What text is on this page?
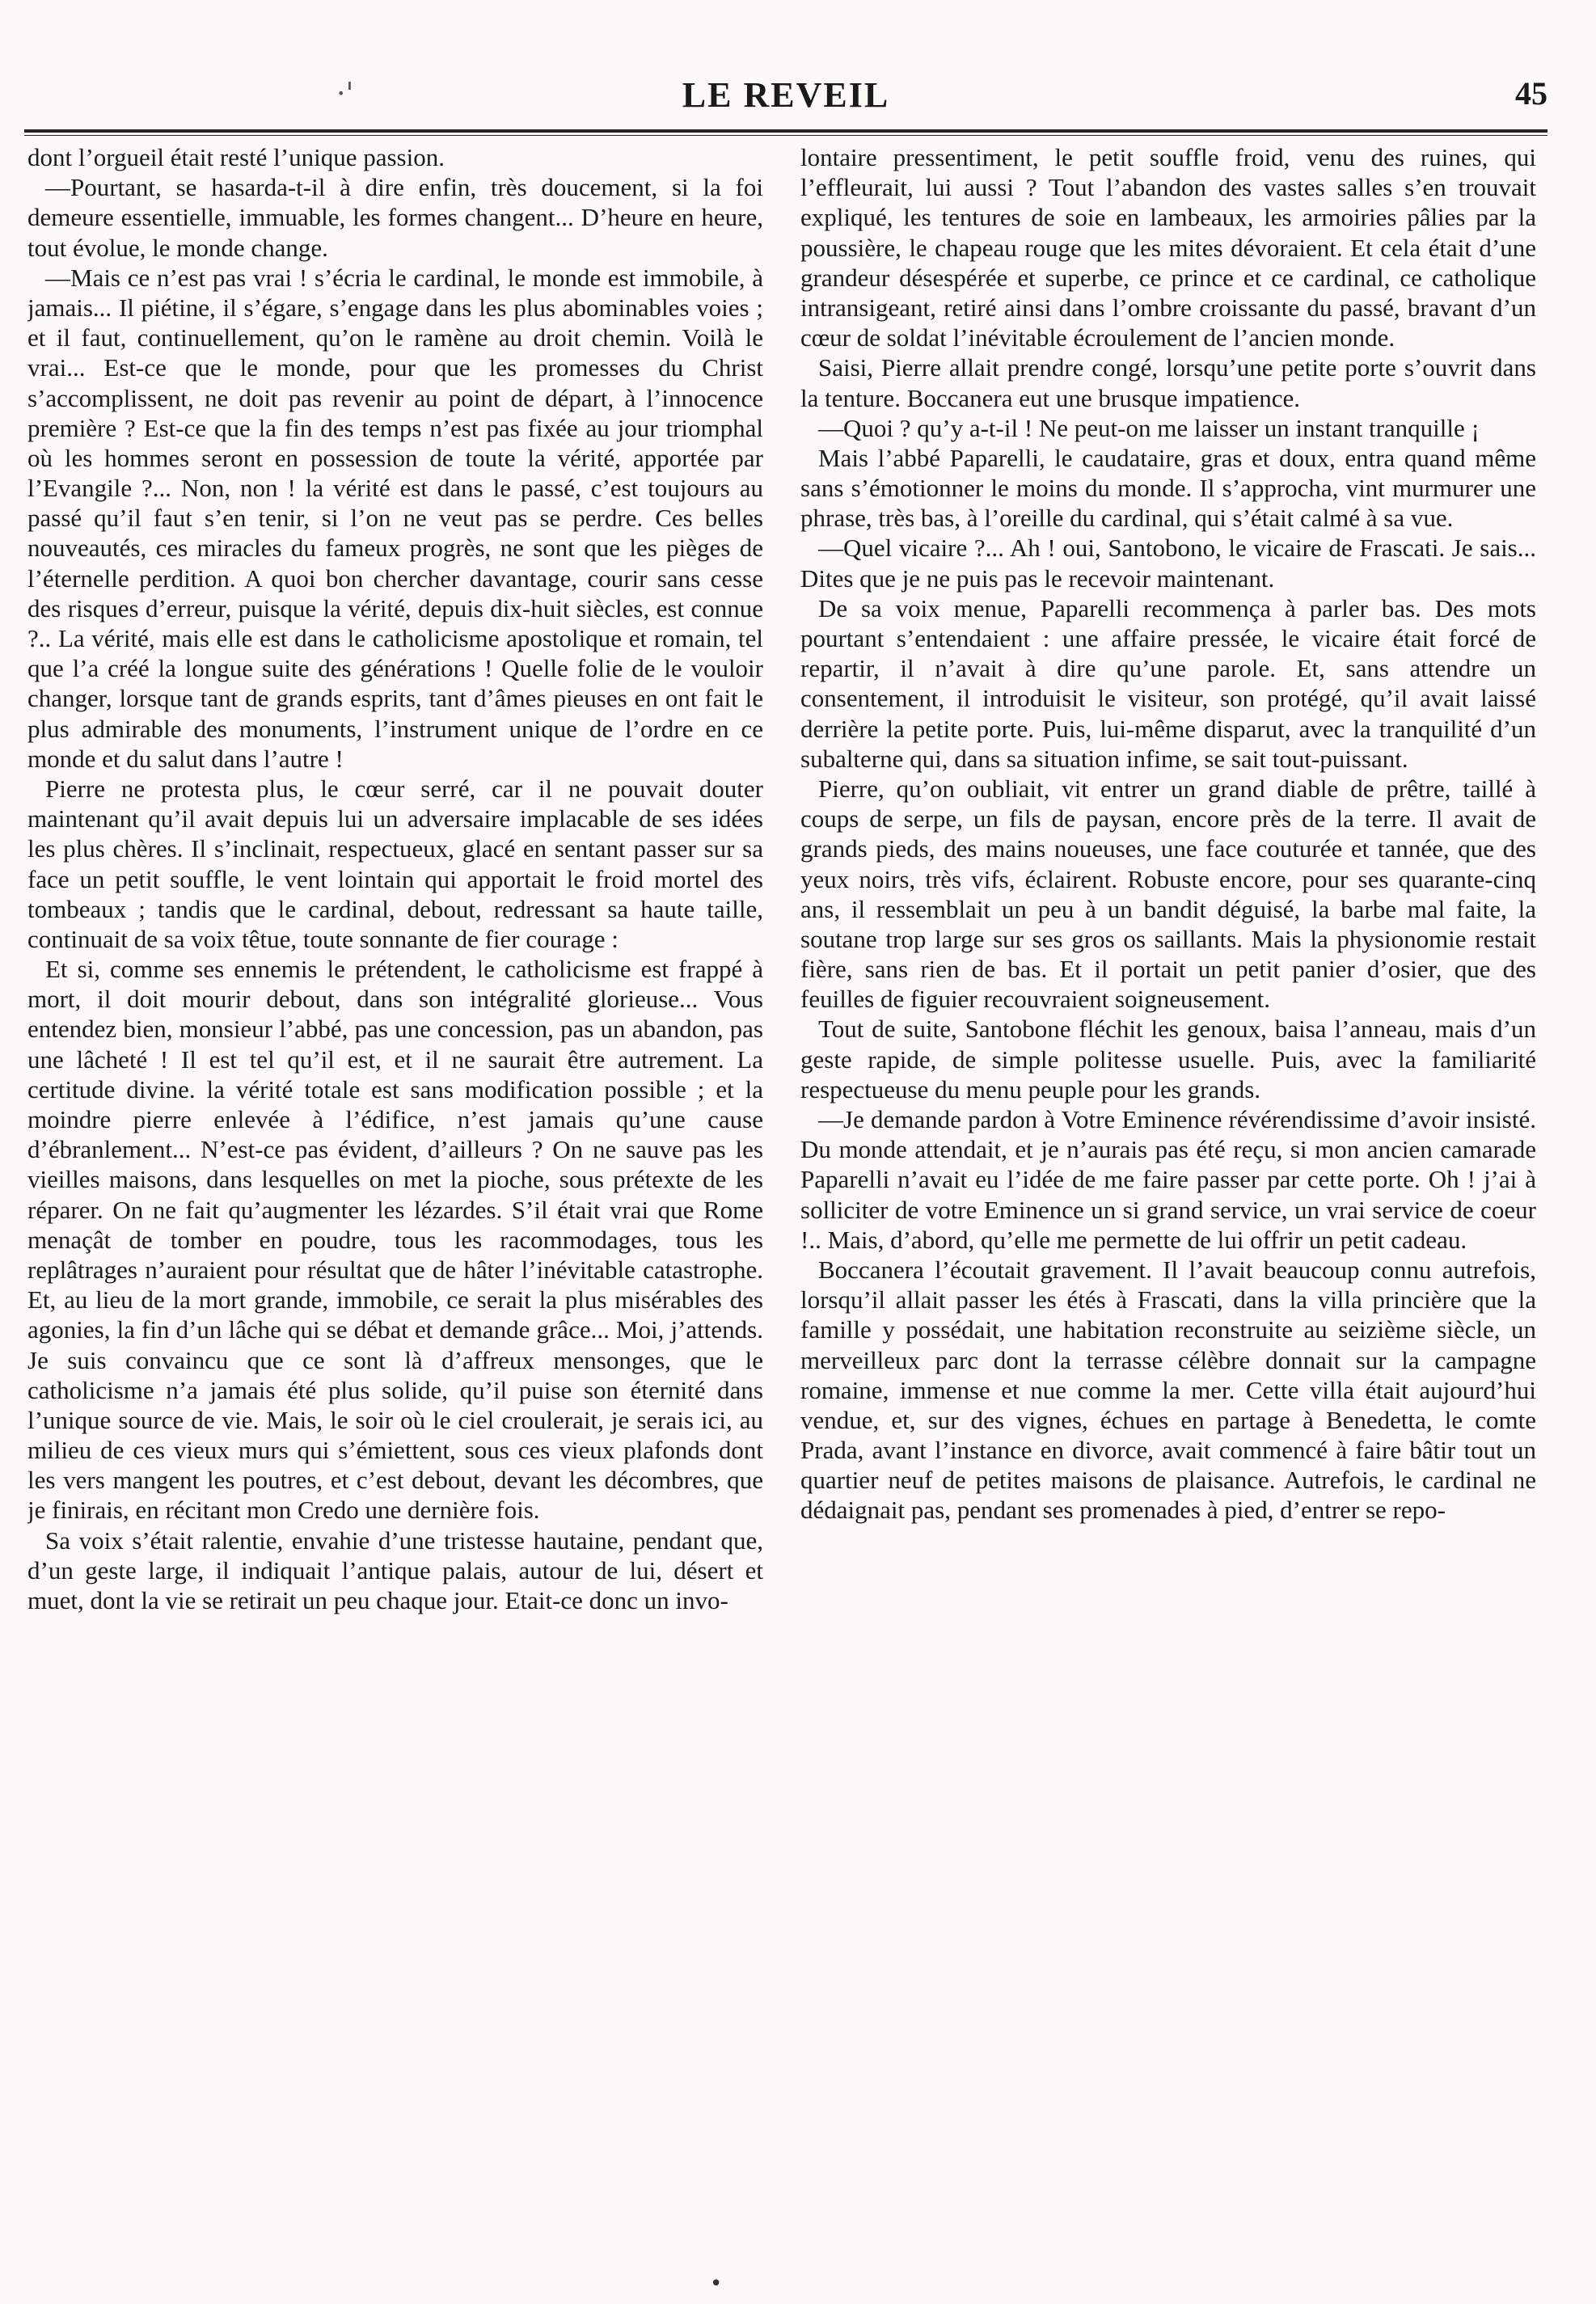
·'	LE REVEIL	45

dont l’orgueil était resté l’unique passion.

—Pourtant, se hasarda-t-il à dire enfin, très doucement, si la foi demeure essentielle, immuable, les formes changent... D’heure en heure, tout évolue, le monde change.

—Mais ce n’est pas vrai ! s’écria le cardinal, le monde est immobile, à jamais... Il piétine, il s’égare, s’engage dans les plus abominables voies ; et il faut, continuellement, qu’on le ramène au droit chemin. Voilà le vrai... Est-ce que le monde, pour que les promesses du Christ s’accomplissent, ne doit pas revenir au point de départ, à l’innocence première ? Est-ce que la fin des temps n’est pas fixée au jour triomphal où les hommes seront en possession de toute la vérité, apportée par l’Evangile ?... Non, non ! la vérité est dans le passé, c’est toujours au passé qu’il faut s’en tenir, si l’on ne veut pas se perdre. Ces belles nouveautés, ces miracles du fameux progrès, ne sont que les pièges de l’éternelle perdition. A quoi bon chercher davantage, courir sans cesse des risques d’erreur, puisque la vérité, depuis dix-huit siècles, est connue ?.. La vérité, mais elle est dans le catholicisme apostolique et romain, tel que l’a créé la longue suite des générations ! Quelle folie de le vouloir changer, lorsque tant de grands esprits, tant d’âmes pieuses en ont fait le plus admirable des monuments, l’instrument unique de l’ordre en ce monde et du salut dans l’autre !

Pierre ne protesta plus, le cœur serré, car il ne pouvait douter maintenant qu’il avait depuis lui un adversaire implacable de ses idées les plus chères. Il s’inclinait, respectueux, glacé en sentant passer sur sa face un petit souffle, le vent lointain qui apportait le froid mortel des tombeaux ; tandis que le cardinal, debout, redressant sa haute taille, continuait de sa voix têtue, toute sonnante de fier courage :

Et si, comme ses ennemis le prétendent, le catholicisme est frappé à mort, il doit mourir debout, dans son intégralité glorieuse... Vous entendez bien, monsieur l’abbé, pas une concession, pas un abandon, pas une lâcheté ! Il est tel qu’il est, et il ne saurait être autrement. La certitude divine. la vérité totale est sans modification possible ; et la moindre pierre enlevée à l’édifice, n’est jamais qu’une cause d’ébranlement... N’est-ce pas évident, d’ailleurs ? On ne sauve pas les vieilles maisons, dans lesquelles on met la pioche, sous prétexte de les réparer. On ne fait qu’augmenter les lézardes. S’il était vrai que Rome menaçât de tomber en poudre, tous les racommodages, tous les replâtrages n’auraient pour résultat que de hâter l’inévitable catastrophe. Et, au lieu de la mort grande, immobile, ce serait la plus misérables des agonies, la fin d’un lâche qui se débat et demande grâce... Moi, j’attends. Je suis convaincu que ce sont là d’affreux mensonges, que le catholicisme n’a jamais été plus solide, qu’il puise son éternité dans l’unique source de vie. Mais, le soir où le ciel croulerait, je serais ici, au milieu de ces vieux murs qui s’émiettent, sous ces vieux plafonds dont les vers mangent les poutres, et c’est debout, devant les décombres, que je finirais, en récitant mon Credo une dernière fois.

Sa voix s’était ralentie, envahie d’une tristesse hautaine, pendant que, d’un geste large, il indiquait l’antique palais, autour de lui, désert et muet, dont la vie se retirait un peu chaque jour. Etait-ce donc un invo-

lontaire pressentiment, le petit souffle froid, venu des ruines, qui l’effleurait, lui aussi ? Tout l’abandon des vastes salles s’en trouvait expliqué, les tentures de soie en lambeaux, les armoiries pâlies par la poussière, le chapeau rouge que les mites dévoraient. Et cela était d’une grandeur désespérée et superbe, ce prince et ce cardinal, ce catholique intransigeant, retiré ainsi dans l’ombre croissante du passé, bravant d’un cœur de soldat l’inévitable écroulement de l’ancien monde.

Saisi, Pierre allait prendre congé, lorsqu’une petite porte s’ouvrit dans la tenture. Boccanera eut une brusque impatience.

—Quoi ? qu’y a-t-il ! Ne peut-on me laisser un instant tranquille ¡

Mais l’abbé Paparelli, le caudataire, gras et doux, entra quand même sans s’émotionner le moins du monde. Il s’approcha, vint murmurer une phrase, très bas, à l’oreille du cardinal, qui s’était calmé à sa vue.

—Quel vicaire ?... Ah ! oui, Santobono, le vicaire de Frascati. Je sais... Dites que je ne puis pas le recevoir maintenant.

De sa voix menue, Paparelli recommença à parler bas. Des mots pourtant s’entendaient : une affaire pressée, le vicaire était forcé de repartir, il n’avait à dire qu’une parole. Et, sans attendre un consentement, il introduisit le visiteur, son protégé, qu’il avait laissé derrière la petite porte. Puis, lui-même disparut, avec la tranquilité d’un subalterne qui, dans sa situation infime, se sait tout-puissant.

Pierre, qu’on oubliait, vit entrer un grand diable de prêtre, taillé à coups de serpe, un fils de paysan, encore près de la terre. Il avait de grands pieds, des mains noueuses, une face couturée et tannée, que des yeux noirs, très vifs, éclairent. Robuste encore, pour ses quarante-cinq ans, il ressemblait un peu à un bandit déguisé, la barbe mal faite, la soutane trop large sur ses gros os saillants. Mais la physionomie restait fière, sans rien de bas. Et il portait un petit panier d’osier, que des feuilles de figuier recouvraient soigneusement.

Tout de suite, Santobone fléchit les genoux, baisa l’anneau, mais d’un geste rapide, de simple politesse usuelle. Puis, avec la familiarité respectueuse du menu peuple pour les grands.

—Je demande pardon à Votre Eminence révérendissime d’avoir insisté. Du monde attendait, et je n’aurais pas été reçu, si mon ancien camarade Paparelli n’avait eu l’idée de me faire passer par cette porte. Oh ! j’ai à solliciter de votre Eminence un si grand service, un vrai service de coeur !.. Mais, d’abord, qu’elle me permette de lui offrir un petit cadeau.

Boccanera l’écoutait gravement. Il l’avait beaucoup connu autrefois, lorsqu’il allait passer les étés à Frascati, dans la villa princière que la famille y possédait, une habitation reconstruite au seizième siècle, un merveilleux parc dont la terrasse célèbre donnait sur la campagne romaine, immense et nue comme la mer. Cette villa était aujourd’hui vendue, et, sur des vignes, échues en partage à Benedetta, le comte Prada, avant l’instance en divorce, avait commencé à faire bâtir tout un quartier neuf de petites maisons de plaisance. Autrefois, le cardinal ne dédaignait pas, pendant ses promenades à pied, d’entrer se repo-

•
